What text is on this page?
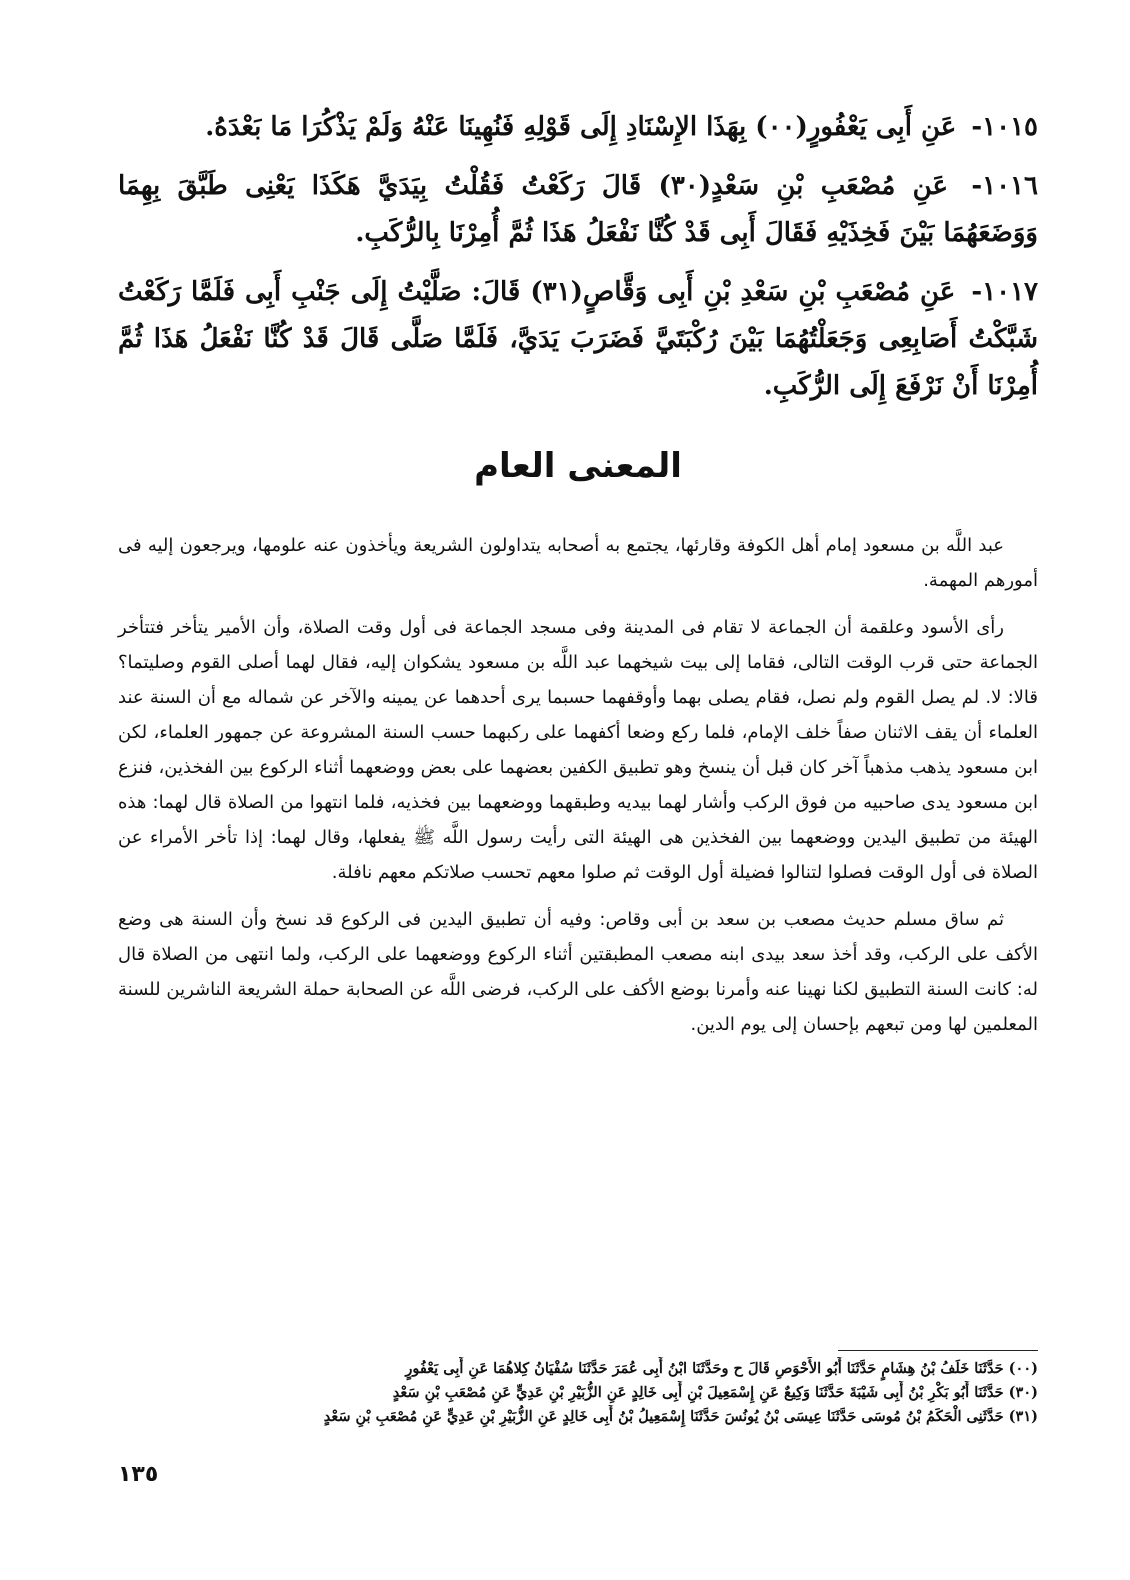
١٠١٥- عَنِ أَبِى يَعْفُورٍ(٠٠) بِهَذَا الإِسْنَادِ إِلَى قَوْلِهِ فَنُهِينَا عَنْهُ وَلَمْ يَذْكُرَا مَا بَعْدَهُ.

١٠١٦- عَنِ مُصْعَبِ بْنِ سَعْدٍ(٣٠) قَالَ رَكَعْتُ فَقُلْتُ بِيَدَيَّ هَكَذَا يَعْنِى طَبَّقَ بِهِمَا وَوَضَعَهُمَا بَيْنَ فَخِذَيْهِ فَقَالَ أَبِى قَدْ كُنَّا نَفْعَلُ هَذَا ثُمَّ أُمِرْنَا بِالرُّكَبِ.

١٠١٧- عَنِ مُصْعَبِ بْنِ سَعْدِ بْنِ أَبِى وَقَّاصٍ(٣١) قَالَ: صَلَّيْتُ إِلَى جَنْبِ أَبِى فَلَمَّا رَكَعْتُ شَبَّكْتُ أَصَابِعِى وَجَعَلْتُهُمَا بَيْنَ رُكْبَتَيَّ فَضَرَبَ يَدَيَّ، فَلَمَّا صَلَّى قَالَ قَدْ كُنَّا نَفْعَلُ هَذَا ثُمَّ أُمِرْنَا أَنْ نَرْفَعَ إِلَى الرُّكَبِ.

المعنى العام

عبد اللَّه بن مسعود إمام أهل الكوفة وقارئها، يجتمع به أصحابه يتداولون الشريعة ويأخذون عنه علومها، ويرجعون إليه فى أمورهم المهمة.

رأى الأسود وعلقمة أن الجماعة لا تقام فى المدينة وفى مسجد الجماعة فى أول وقت الصلاة، وأن الأمير يتأخر فتتأخر الجماعة حتى قرب الوقت التالى، فقاما إلى بيت شيخهما عبد اللَّه بن مسعود يشكوان إليه، فقال لهما أصلى القوم وصليتما؟ قالا: لا. لم يصل القوم ولم نصل، فقام يصلى بهما وأوقفهما حسبما يرى أحدهما عن يمينه والآخر عن شماله مع أن السنة عند العلماء أن يقف الاثنان صفاً خلف الإمام، فلما ركع وضعا أكفهما على ركبهما حسب السنة المشروعة عن جمهور العلماء، لكن ابن مسعود يذهب مذهباً آخر كان قبل أن ينسخ وهو تطبيق الكفين بعضهما على بعض ووضعهما أثناء الركوع بين الفخذين، فنزع ابن مسعود يدى صاحبيه من فوق الركب وأشار لهما بيديه وطبقهما ووضعهما بين فخذيه، فلما انتهوا من الصلاة قال لهما: هذه الهيئة من تطبيق اليدين ووضعهما بين الفخذين هى الهيئة التى رأيت رسول اللَّه ﷺ يفعلها، وقال لهما: إذا تأخر الأمراء عن الصلاة فى أول الوقت فصلوا لتنالوا فضيلة أول الوقت ثم صلوا معهم تحسب صلاتكم معهم نافلة.

ثم ساق مسلم حديث مصعب بن سعد بن أبى وقاص: وفيه أن تطبيق اليدين فى الركوع قد نسخ وأن السنة هى وضع الأكف على الركب، وقد أخذ سعد بيدى ابنه مصعب المطبقتين أثناء الركوع ووضعهما على الركب، ولما انتهى من الصلاة قال له: كانت السنة التطبيق لكنا نهينا عنه وأمرنا بوضع الأكف على الركب، فرضى اللَّه عن الصحابة حملة الشريعة الناشرين للسنة المعلمين لها ومن تبعهم بإحسان إلى يوم الدين.

(٠٠) حَدَّثَنَا خَلَفُ بْنُ هِشَامٍ حَدَّثَنَا أَبُو الأَحْوَصِ قَالَ ح وحَدَّثَنَا ابْنُ أَبِى عُمَرَ حَدَّثَنَا سُفْيَانُ كِلاهُمَا عَنِ أَبِى يَعْفُورٍ
(٣٠) حَدَّثَنَا أَبُو بَكْرِ بْنُ أَبِى شَيْبَةَ حَدَّثَنَا وَكِيعٌ عَنِ إِسْمَعِيلَ بْنِ أَبِى خَالِدٍ عَنِ الزُّبَيْرِ بْنِ عَدِيٍّ عَنِ مُصْعَبِ بْنِ سَعْدٍ
(٣١) حَدَّثَنِى الْحَكَمُ بْنُ مُوسَى حَدَّثَنَا عِيسَى بْنُ يُونُسَ حَدَّثَنَا إِسْمَعِيلُ بْنُ أَبِى خَالِدٍ عَنِ الزُّبَيْرِ بْنِ عَدِيٍّ عَنِ مُصْعَبِ بْنِ سَعْدٍ
١٣٥
